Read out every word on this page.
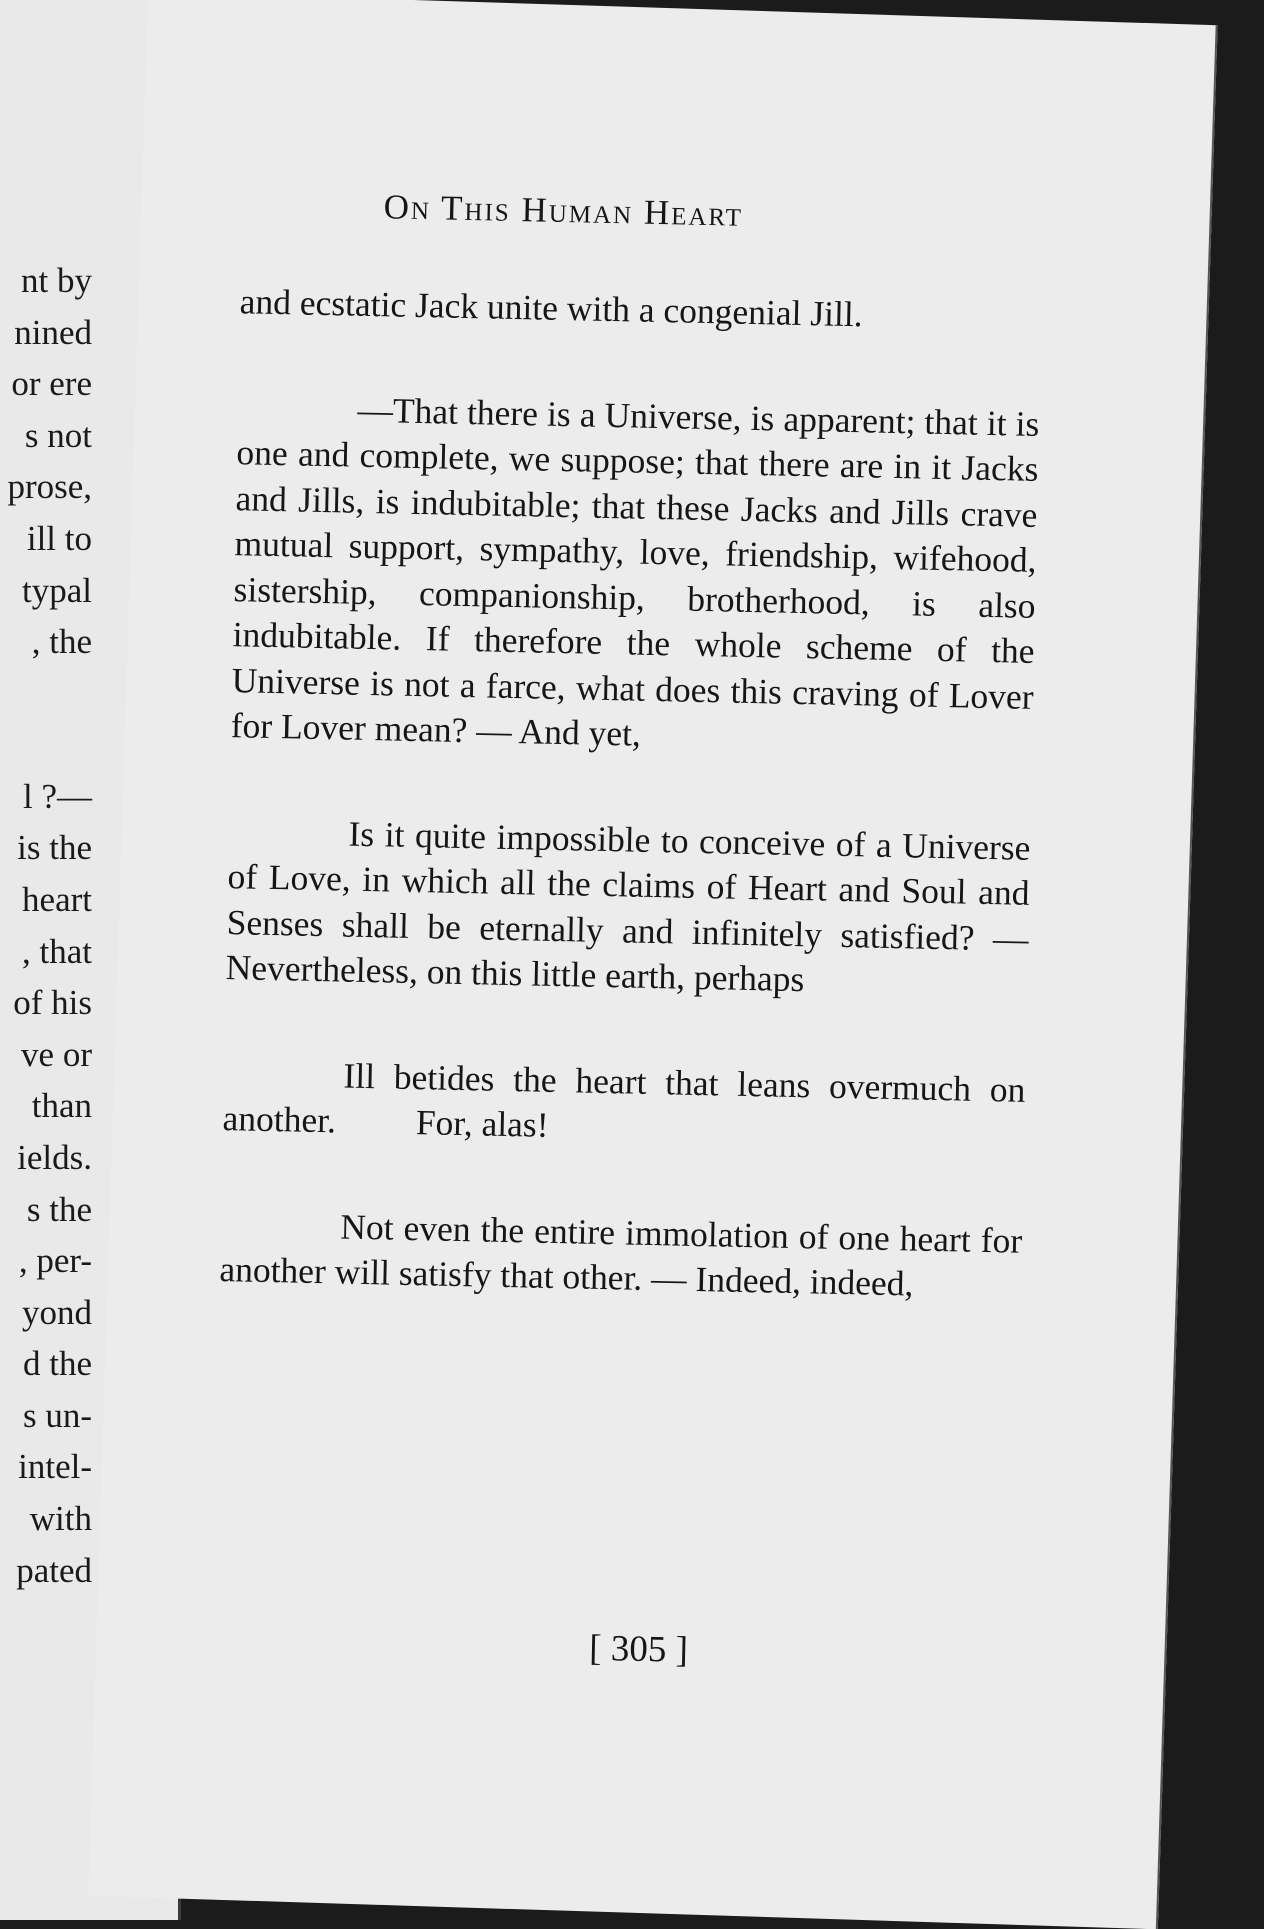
nt by
nined
or ere
s not
prose,
ill to
typal
, the
l ?—
is the
heart
, that
of his
ve or
than
ields.
s the
, per-
yond
d the
s un-
intel-
with
pated
On This Human Heart

and ecstatic Jack unite with a congenial Jill.

—That there is a Universe, is apparent; that it is one and complete, we suppose; that there are in it Jacks and Jills, is indubitable; that these Jacks and Jills crave mutual support, sympathy, love, friendship, wifehood, sistership, companionship, brotherhood, is also indubitable. If therefore the whole scheme of the Universe is not a farce, what does this craving of Lover for Lover mean? — And yet,

Is it quite impossible to conceive of a Universe of Love, in which all the claims of Heart and Soul and Senses shall be eternally and infinitely satisfied? — Nevertheless, on this little earth, perhaps

Ill betides the heart that leans overmuch on another. For, alas!

Not even the entire immolation of one heart for another will satisfy that other. — Indeed, indeed,

[ 305 ]
